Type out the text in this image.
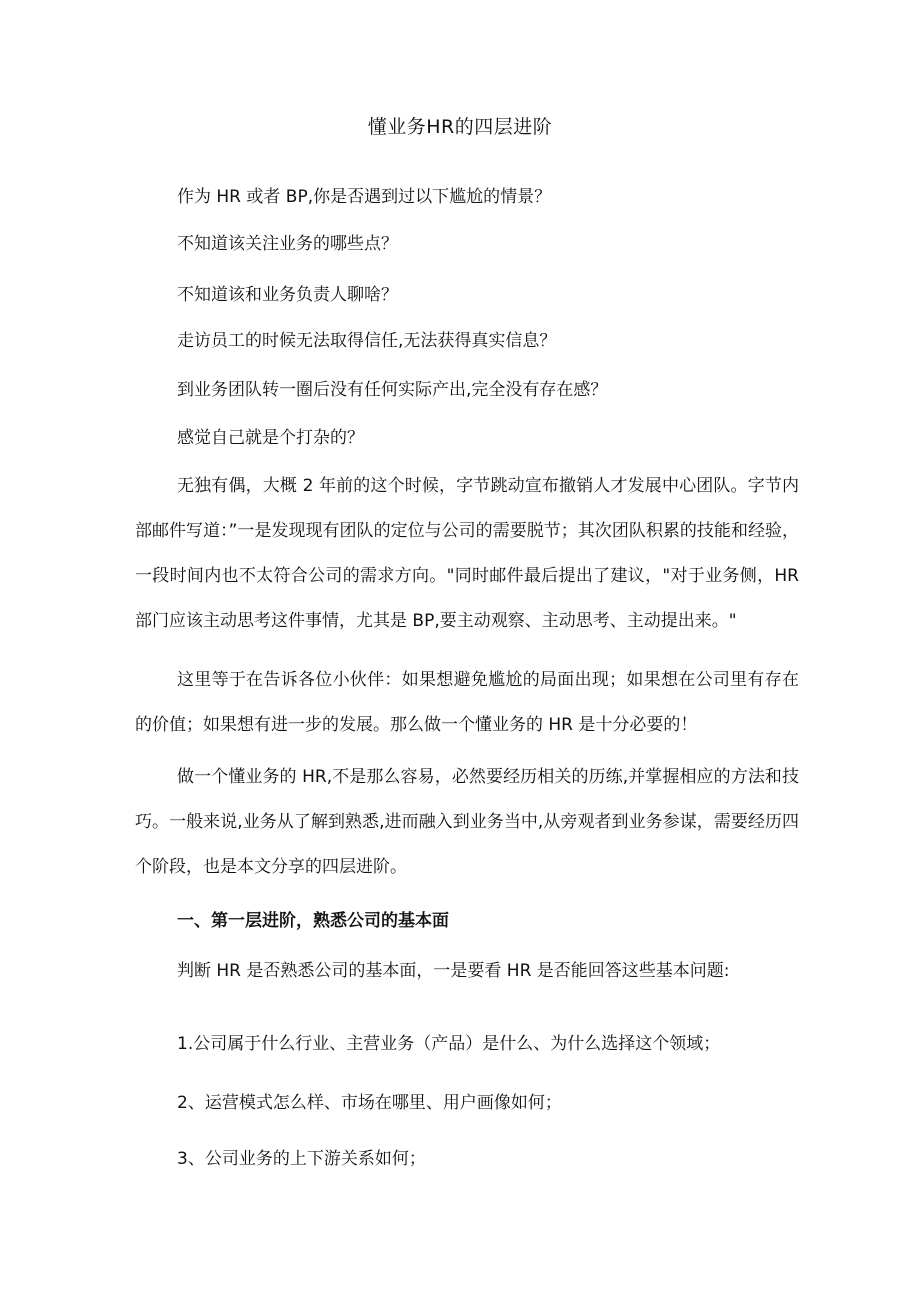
懂业务HR的四层进阶
作为 HR 或者 BP,你是否遇到过以下尴尬的情景？
不知道该关注业务的哪些点？
不知道该和业务负责人聊啥？
走访员工的时候无法取得信任,无法获得真实信息？
到业务团队转一圈后没有任何实际产出,完全没有存在感？
感觉自己就是个打杂的？

无独有偶，大概 2 年前的这个时候，字节跳动宣布撤销人才发展中心团队。字节内部邮件写道：”一是发现现有团队的定位与公司的需要脱节；其次团队积累的技能和经验，一段时间内也不太符合公司的需求方向。"同时邮件最后提出了建议，"对于业务侧，HR 部门应该主动思考这件事情，尤其是 BP,要主动观察、主动思考、主动提出来。"

这里等于在告诉各位小伙伴：如果想避免尴尬的局面出现；如果想在公司里有存在的价值；如果想有进一步的发展。那么做一个懂业务的 HR 是十分必要的！

做一个懂业务的 HR,不是那么容易，必然要经历相关的历练,并掌握相应的方法和技巧。一般来说,业务从了解到熟悉,进而融入到业务当中,从旁观者到业务参谋，需要经历四个阶段，也是本文分享的四层进阶。

一、第一层进阶，熟悉公司的基本面
判断 HR 是否熟悉公司的基本面，一是要看 HR 是否能回答这些基本问题:
1.公司属于什么行业、主营业务（产品）是什么、为什么选择这个领域；
2、运营模式怎么样、市场在哪里、用户画像如何；
3、公司业务的上下游关系如何；
